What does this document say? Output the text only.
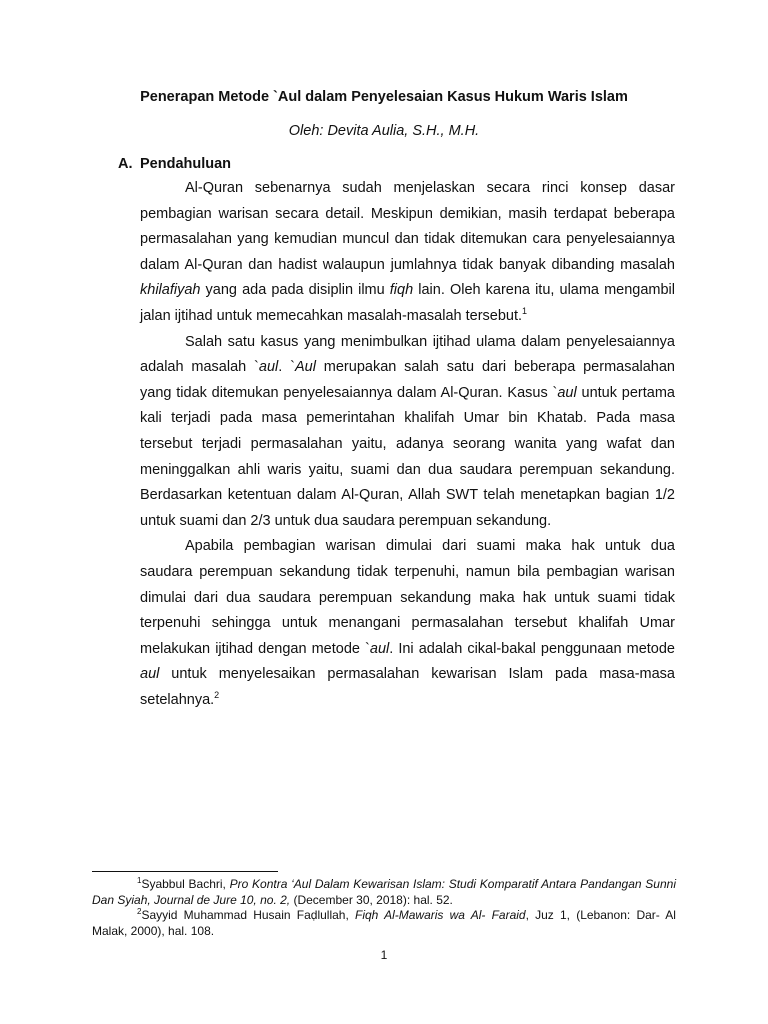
Penerapan Metode `Aul dalam Penyelesaian Kasus Hukum Waris Islam
Oleh: Devita Aulia, S.H., M.H.
A. Pendahuluan

Al-Quran sebenarnya sudah menjelaskan secara rinci konsep dasar pembagian warisan secara detail. Meskipun demikian, masih terdapat beberapa permasalahan yang kemudian muncul dan tidak ditemukan cara penyelesaiannya dalam Al-Quran dan hadist walaupun jumlahnya tidak banyak dibanding masalah khilafiyah yang ada pada disiplin ilmu fiqh lain. Oleh karena itu, ulama mengambil jalan ijtihad untuk memecahkan masalah-masalah tersebut.$^1$

Salah satu kasus yang menimbulkan ijtihad ulama dalam penyelesaiannya adalah masalah `aul. `Aul merupakan salah satu dari beberapa permasalahan yang tidak ditemukan penyelesaiannya dalam Al-Quran. Kasus `aul untuk pertama kali terjadi pada masa pemerintahan khalifah Umar bin Khatab. Pada masa tersebut terjadi permasalahan yaitu, adanya seorang wanita yang wafat dan meninggalkan ahli waris yaitu, suami dan dua saudara perempuan sekandung. Berdasarkan ketentuan dalam Al-Quran, Allah SWT telah menetapkan bagian 1/2 untuk suami dan 2/3 untuk dua saudara perempuan sekandung.

Apabila pembagian warisan dimulai dari suami maka hak untuk dua saudara perempuan sekandung tidak terpenuhi, namun bila pembagian warisan dimulai dari dua saudara perempuan sekandung maka hak untuk suami tidak terpenuhi sehingga untuk menangani permasalahan tersebut khalifah Umar melakukan ijtihad dengan metode `aul. Ini adalah cikal-bakal penggunaan metode aul untuk menyelesaikan permasalahan kewarisan Islam pada masa-masa setelahnya.$^2$

$^1$Syabbul Bachri, Pro Kontra ‘Aul Dalam Kewarisan Islam: Studi Komparatif Antara Pandangan Sunni Dan Syiah, Journal de Jure 10, no. 2, (December 30, 2018): hal. 52.

$^2$Sayyid Muhammad Husain Faḍlullah, Fiqh Al-Mawaris wa Al- Faraid, Juz 1, (Lebanon: Dar- Al Malak, 2000), hal. 108.

1
